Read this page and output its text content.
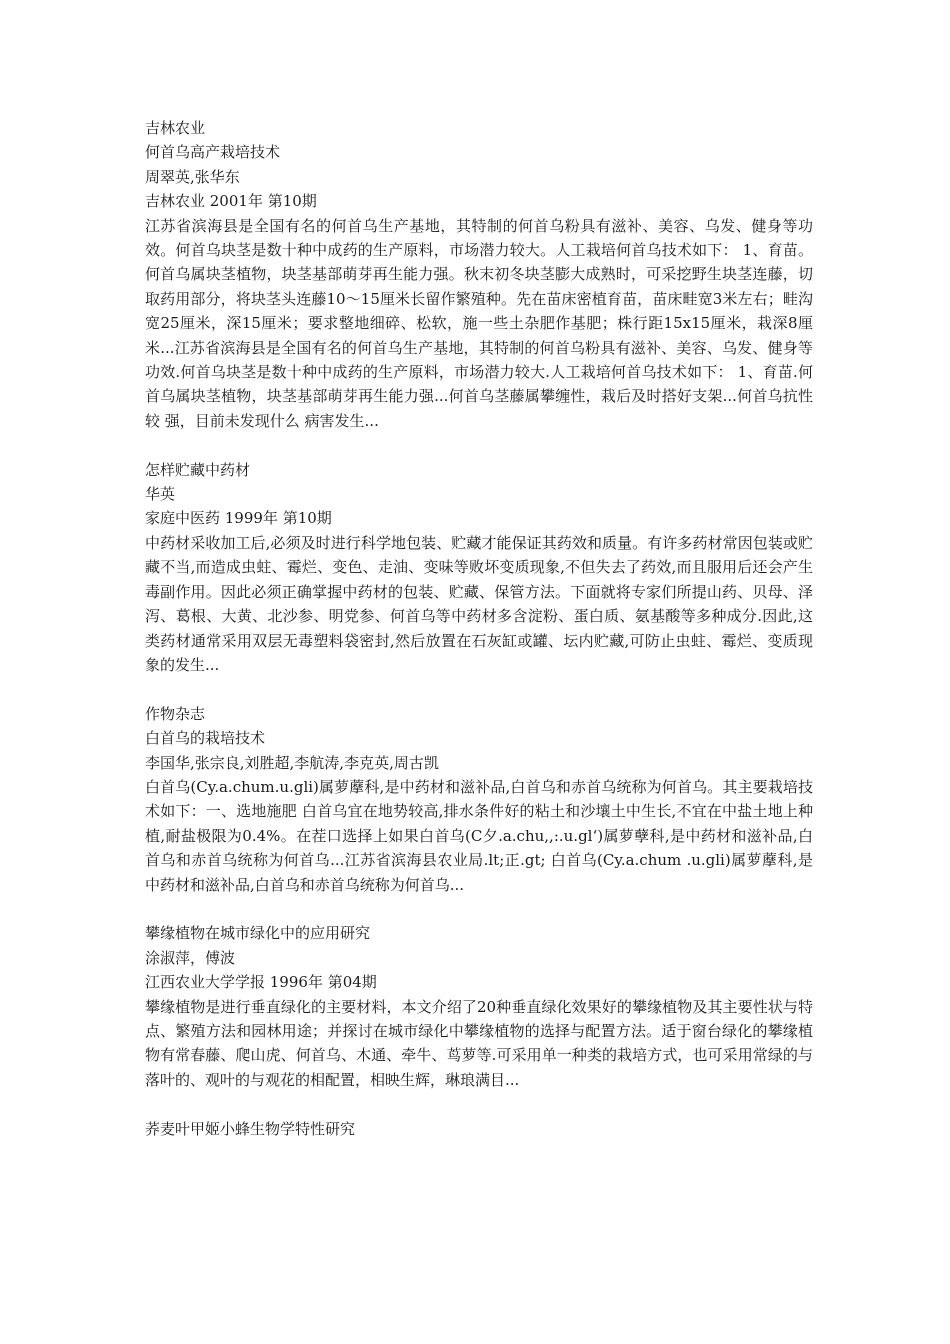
吉林农业

何首乌高产栽培技术

周翠英,张华东

吉林农业 2001年 第10期

江苏省滨海县是全国有名的何首乌生产基地，其特制的何首乌粉具有滋补、美容、乌发、健身等功效。何首乌块茎是数十种中成药的生产原料，市场潜力较大。人工栽培何首乌技术如下： 1、育苗。何首乌属块茎植物，块茎基部萌芽再生能力强。秋末初冬块茎膨大成熟时，可采挖野生块茎连藤，切取药用部分，将块茎头连藤10～15厘米长留作繁殖种。先在苗床密植育苗，苗床畦宽3米左右；畦沟宽25厘米，深15厘米；要求整地细碎、松软，施一些土杂肥作基肥；株行距15x15厘米，栽深8厘米...江苏省滨海县是全国有名的何首乌生产基地，其特制的何首乌粉具有滋补、美容、乌发、健身等功效.何首乌块茎是数十种中成药的生产原料，市场潜力较大.人工栽培何首乌技术如下： 1、育苗.何首乌属块茎植物，块茎基部萌芽再生能力强...何首乌茎藤属攀缠性，栽后及时搭好支架...何首乌抗性较 强，目前未发现什么 病害发生...

怎样贮藏中药材

华英

家庭中医药 1999年 第10期

中药材采收加工后,必须及时进行科学地包装、贮藏才能保证其药效和质量。有许多药材常因包装或贮藏不当,而造成虫蛀、霉烂、变色、走油、变味等败坏变质现象,不但失去了药效,而且服用后还会产生毒副作用。因此必须正确掌握中药材的包装、贮藏、保管方法。下面就将专家们所提山药、贝母、泽泻、葛根、大黄、北沙参、明党参、何首乌等中药材多含淀粉、蛋白质、氨基酸等多种成分.因此,这类药材通常采用双层无毒塑料袋密封,然后放置在石灰缸或罐、坛内贮藏,可防止虫蛀、霉烂、变质现象的发生...

作物杂志

白首乌的栽培技术

李国华,张宗良,刘胜超,李航涛,李克英,周古凯

白首乌(Cy.a.chum.u.gli)属萝藦科,是中药材和滋补品,白首乌和赤首乌统称为何首乌。其主要栽培技术如下：一、选地施肥 白首乌宜在地势较高,排水条件好的粘土和沙壤土中生长,不宜在中盐土地上种植,耐盐极限为0.4%。在茬口选择上如果白首乌(C夕.a.chu,,:.u.gl‘)属萝孽科,是中药材和滋补品,白首乌和赤首乌统称为何首乌...江苏省滨海县农业局.lt;正.gt; 白首乌(Cy.a.chum .u.gli)属萝藦科,是中药材和滋补品,白首乌和赤首乌统称为何首乌...

攀缘植物在城市绿化中的应用研究

涂淑萍，傅波

江西农业大学学报 1996年 第04期

攀缘植物是进行垂直绿化的主要材料，本文介绍了20种垂直绿化效果好的攀缘植物及其主要性状与特点、繁殖方法和园林用途；并探讨在城市绿化中攀缘植物的选择与配置方法。适于窗台绿化的攀缘植物有常春藤、爬山虎、何首乌、木通、牵牛、茑萝等.可采用单一种类的栽培方式，也可采用常绿的与落叶的、观叶的与观花的相配置，相映生辉，琳琅满目...

荞麦叶甲姬小蜂生物学特性研究
